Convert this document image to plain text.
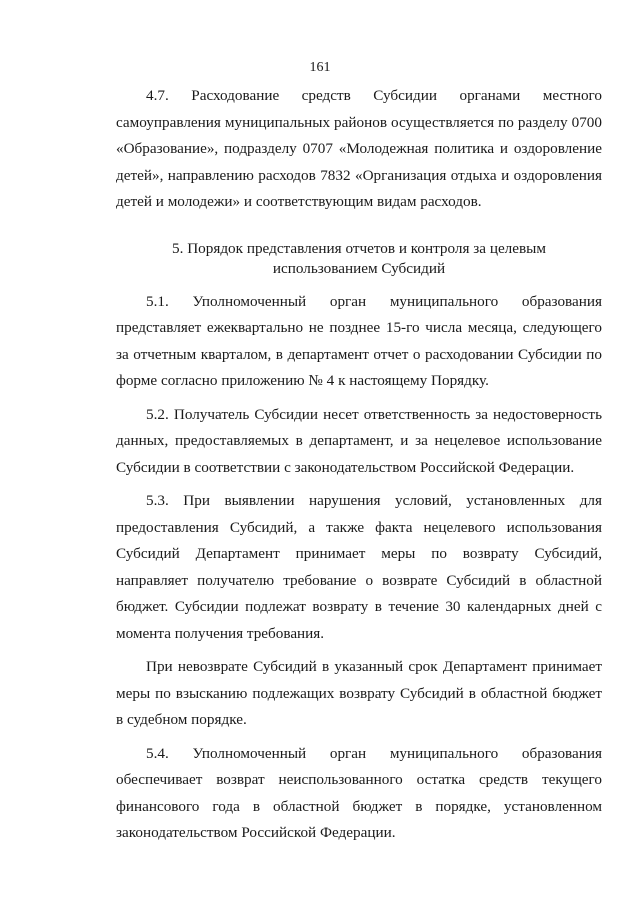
161

4.7. Расходование средств Субсидии органами местного самоуправления муниципальных районов осуществляется по разделу 0700 «Образование», подразделу 0707 «Молодежная политика и оздоровление детей», направлению расходов 7832 «Организация отдыха и оздоровления детей и молодежи» и соответствующим видам расходов.

5. Порядок представления отчетов и контроля за целевым
использованием Субсидий

5.1. Уполномоченный орган муниципального образования представляет ежеквартально не позднее 15-го числа месяца, следующего за отчетным кварталом, в департамент отчет о расходовании Субсидии по форме согласно приложению № 4 к настоящему Порядку.

5.2. Получатель Субсидии несет ответственность за недостоверность данных, предоставляемых в департамент, и за нецелевое использование Субсидии в соответствии с законодательством Российской Федерации.

5.3. При выявлении нарушения условий, установленных для предоставления Субсидий, а также факта нецелевого использования Субсидий Департамент принимает меры по возврату Субсидий, направляет получателю требование о возврате Субсидий в областной бюджет. Субсидии подлежат возврату в течение 30 календарных дней с момента получения требования.

При невозврате Субсидий в указанный срок Департамент принимает меры по взысканию подлежащих возврату Субсидий в областной бюджет в судебном порядке.

5.4. Уполномоченный орган муниципального образования обеспечивает возврат неиспользованного остатка средств текущего финансового года в областной бюджет в порядке, установленном законодательством Российской Федерации.
